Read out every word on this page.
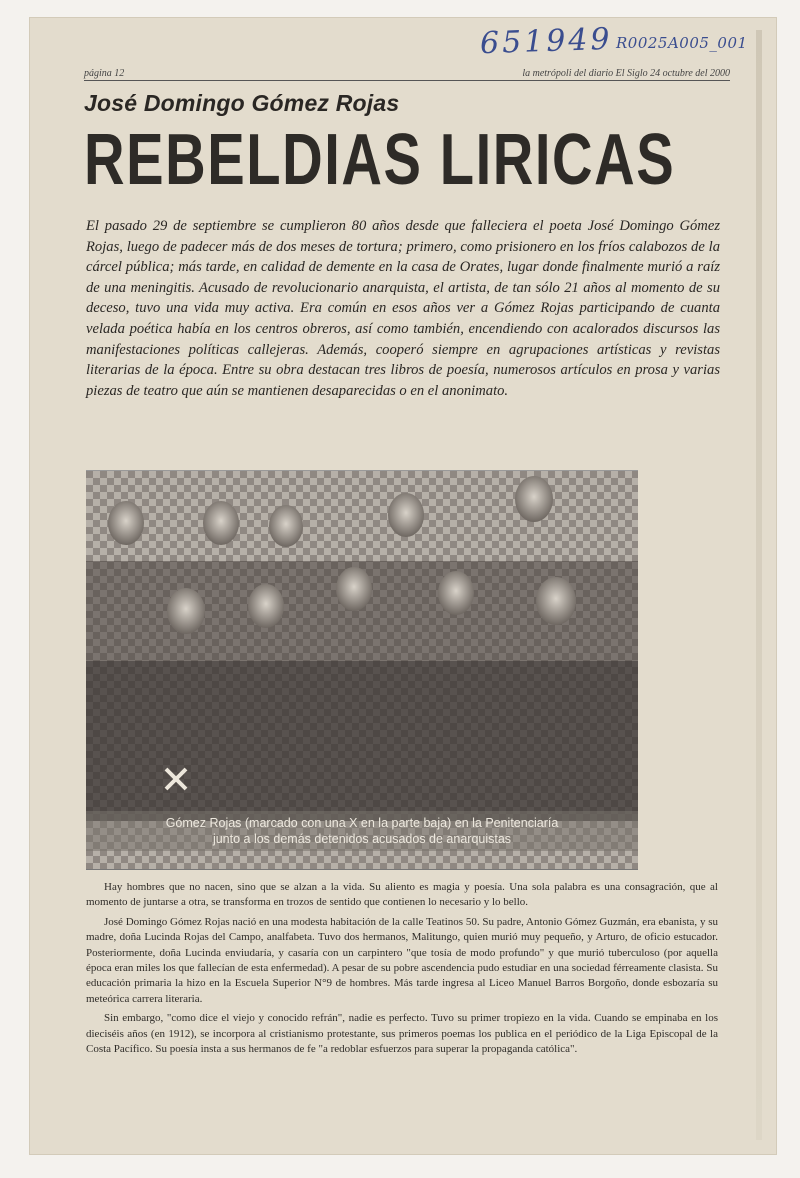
651949 R0025A005_001
página 12	la metrópoli del diario El Siglo 24 octubre del 2000
José Domingo Gómez Rojas
REBELDIAS LIRICAS
El pasado 29 de septiembre se cumplieron 80 años desde que falleciera el poeta José Domingo Gómez Rojas, luego de padecer más de dos meses de tortura; primero, como prisionero en los fríos calabozos de la cárcel pública; más tarde, en calidad de demente en la casa de Orates, lugar donde finalmente murió a raíz de una meningitis. Acusado de revolucionario anarquista, el artista, de tan sólo 21 años al momento de su deceso, tuvo una vida muy activa. Era común en esos años ver a Gómez Rojas participando de cuanta velada poética había en los centros obreros, así como también, encendiendo con acalorados discursos las manifestaciones políticas callejeras. Además, cooperó siempre en agrupaciones artísticas y revistas literarias de la época. Entre su obra destacan tres libros de poesía, numerosos artículos en prosa y varias piezas de teatro que aún se mantienen desaparecidas o en el anonimato.
Gómez Rojas (marcado con una X en la parte baja) en la Penitenciaría
junto a los demás detenidos acusados de anarquistas

Hay hombres que no nacen, sino que se alzan a la vida. Su aliento es magia y poesía. Una sola palabra es una consagración, que al momento de juntarse a otra, se transforma en trozos de sentido que contienen lo necesario y lo bello.

José Domingo Gómez Rojas nació en una modesta habitación de la calle Teatinos 50. Su padre, Antonio Gómez Guzmán, era ebanista, y su madre, doña Lucinda Rojas del Campo, analfabeta. Tuvo dos hermanos, Malitungo, quien murió muy pequeño, y Arturo, de oficio estucador. Posteriormente, doña Lucinda enviudaría, y casaría con un carpintero "que tosía de modo profundo" y que murió tuberculoso (por aquella época eran miles los que fallecían de esta enfermedad). A pesar de su pobre ascendencia pudo estudiar en una sociedad férreamente clasista. Su educación primaria la hizo en la Escuela Superior N°9 de hombres. Más tarde ingresa al Liceo Manuel Barros Borgoño, donde esbozaría su meteórica carrera literaria.

Sin embargo, "como dice el viejo y conocido refrán", nadie es perfecto. Tuvo su primer tropiezo en la vida. Cuando se empinaba en los dieciséis años (en 1912), se incorpora al cristianismo protestante, sus primeros poemas los publica en el periódico de la Liga Episcopal de la Costa Pacífico. Su poesía insta a sus hermanos de fe "a redoblar esfuerzos para superar la propaganda católica".
